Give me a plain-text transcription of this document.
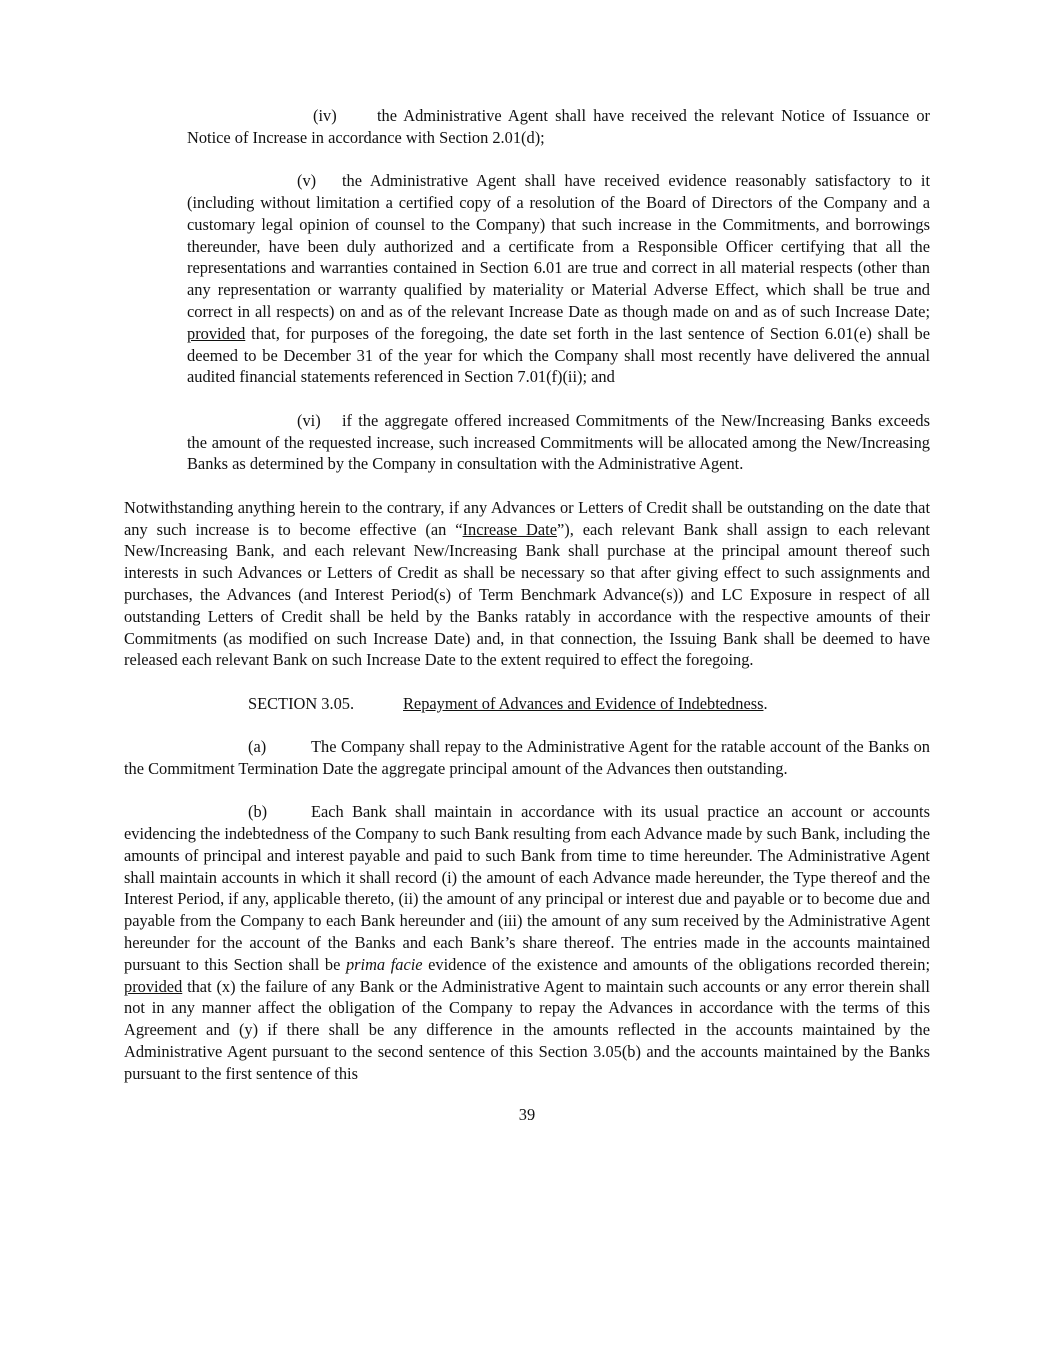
(iv) the Administrative Agent shall have received the relevant Notice of Issuance or Notice of Increase in accordance with Section 2.01(d);

(v) the Administrative Agent shall have received evidence reasonably satisfactory to it (including without limitation a certified copy of a resolution of the Board of Directors of the Company and a customary legal opinion of counsel to the Company) that such increase in the Commitments, and borrowings thereunder, have been duly authorized and a certificate from a Responsible Officer certifying that all the representations and warranties contained in Section 6.01 are true and correct in all material respects (other than any representation or warranty qualified by materiality or Material Adverse Effect, which shall be true and correct in all respects) on and as of the relevant Increase Date as though made on and as of such Increase Date; provided that, for purposes of the foregoing, the date set forth in the last sentence of Section 6.01(e) shall be deemed to be December 31 of the year for which the Company shall most recently have delivered the annual audited financial statements referenced in Section 7.01(f)(ii); and

(vi) if the aggregate offered increased Commitments of the New/Increasing Banks exceeds the amount of the requested increase, such increased Commitments will be allocated among the New/Increasing Banks as determined by the Company in consultation with the Administrative Agent.

Notwithstanding anything herein to the contrary, if any Advances or Letters of Credit shall be outstanding on the date that any such increase is to become effective (an “Increase Date”), each relevant Bank shall assign to each relevant New/Increasing Bank, and each relevant New/Increasing Bank shall purchase at the principal amount thereof such interests in such Advances or Letters of Credit as shall be necessary so that after giving effect to such assignments and purchases, the Advances (and Interest Period(s) of Term Benchmark Advance(s)) and LC Exposure in respect of all outstanding Letters of Credit shall be held by the Banks ratably in accordance with the respective amounts of their Commitments (as modified on such Increase Date) and, in that connection, the Issuing Bank shall be deemed to have released each relevant Bank on such Increase Date to the extent required to effect the foregoing.

SECTION 3.05.	Repayment of Advances and Evidence of Indebtedness.

(a)	The Company shall repay to the Administrative Agent for the ratable account of the Banks on the Commitment Termination Date the aggregate principal amount of the Advances then outstanding.

(b)	Each Bank shall maintain in accordance with its usual practice an account or accounts evidencing the indebtedness of the Company to such Bank resulting from each Advance made by such Bank, including the amounts of principal and interest payable and paid to such Bank from time to time hereunder. The Administrative Agent shall maintain accounts in which it shall record (i) the amount of each Advance made hereunder, the Type thereof and the Interest Period, if any, applicable thereto, (ii) the amount of any principal or interest due and payable or to become due and payable from the Company to each Bank hereunder and (iii) the amount of any sum received by the Administrative Agent hereunder for the account of the Banks and each Bank’s share thereof. The entries made in the accounts maintained pursuant to this Section shall be prima facie evidence of the existence and amounts of the obligations recorded therein; provided that (x) the failure of any Bank or the Administrative Agent to maintain such accounts or any error therein shall not in any manner affect the obligation of the Company to repay the Advances in accordance with the terms of this Agreement and (y) if there shall be any difference in the amounts reflected in the accounts maintained by the Administrative Agent pursuant to the second sentence of this Section 3.05(b) and the accounts maintained by the Banks pursuant to the first sentence of this

39
